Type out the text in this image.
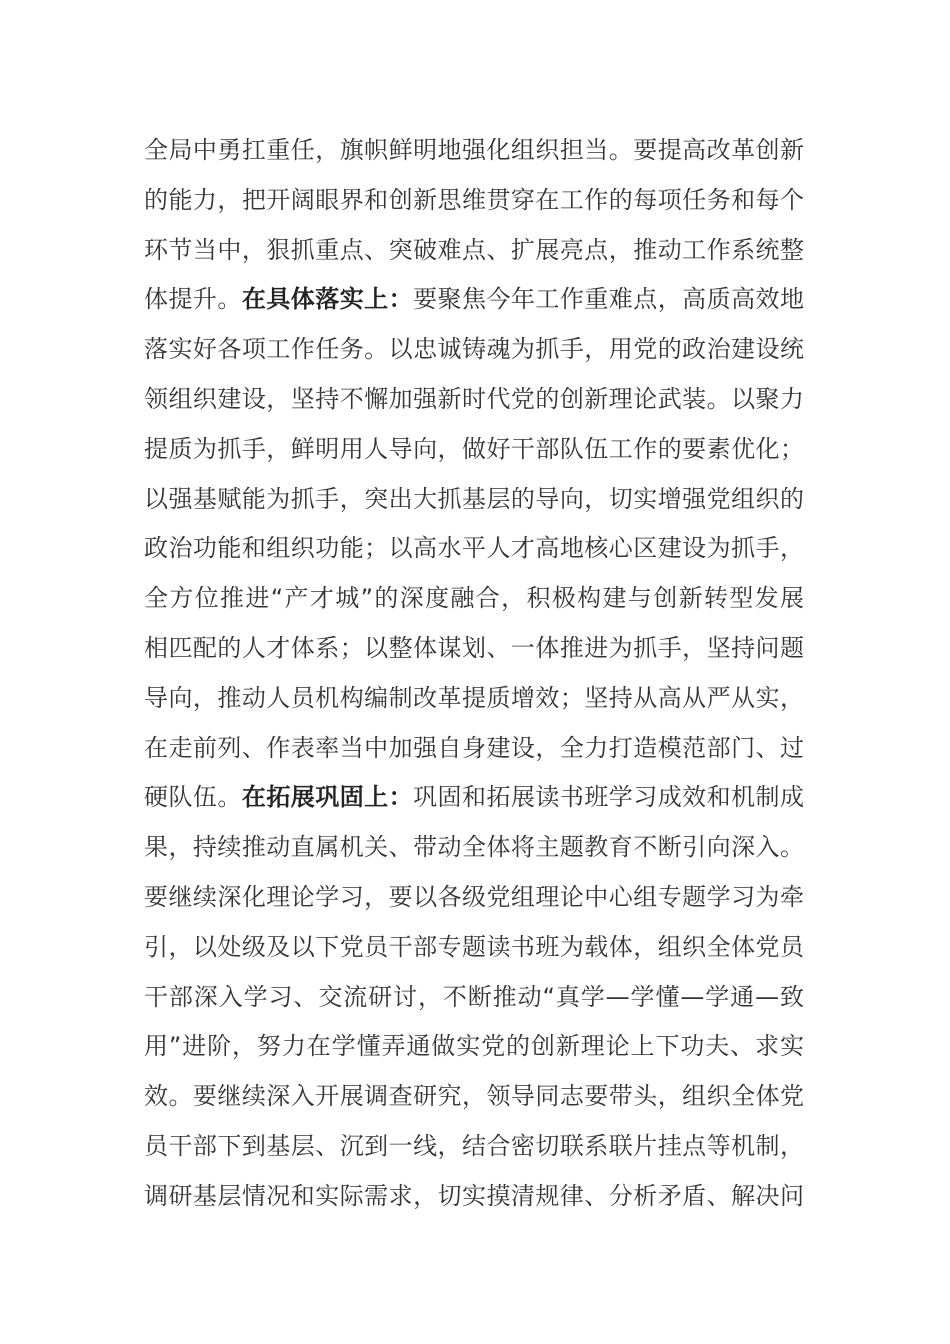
全局中勇扛重任，旗帜鲜明地强化组织担当。要提高改革创新
的能力，把开阔眼界和创新思维贯穿在工作的每项任务和每个
环节当中，狠抓重点、突破难点、扩展亮点，推动工作系统整
体提升。在具体落实上：要聚焦今年工作重难点，高质高效地
落实好各项工作任务。以忠诚铸魂为抓手，用党的政治建设统
领组织建设，坚持不懈加强新时代党的创新理论武装。以聚力
提质为抓手，鲜明用人导向，做好干部队伍工作的要素优化；
以强基赋能为抓手，突出大抓基层的导向，切实增强党组织的
政治功能和组织功能；以高水平人才高地核心区建设为抓手，
全方位推进“产才城”的深度融合，积极构建与创新转型发展
相匹配的人才体系；以整体谋划、一体推进为抓手，坚持问题
导向，推动人员机构编制改革提质增效；坚持从高从严从实，
在走前列、作表率当中加强自身建设，全力打造模范部门、过
硬队伍。在拓展巩固上：巩固和拓展读书班学习成效和机制成
果，持续推动直属机关、带动全体将主题教育不断引向深入。
要继续深化理论学习，要以各级党组理论中心组专题学习为牵
引，以处级及以下党员干部专题读书班为载体，组织全体党员
干部深入学习、交流研讨，不断推动“真学—学懂—学通—致
用”进阶，努力在学懂弄通做实党的创新理论上下功夫、求实
效。要继续深入开展调查研究，领导同志要带头，组织全体党
员干部下到基层、沉到一线，结合密切联系联片挂点等机制，
调研基层情况和实际需求，切实摸清规律、分析矛盾、解决问
